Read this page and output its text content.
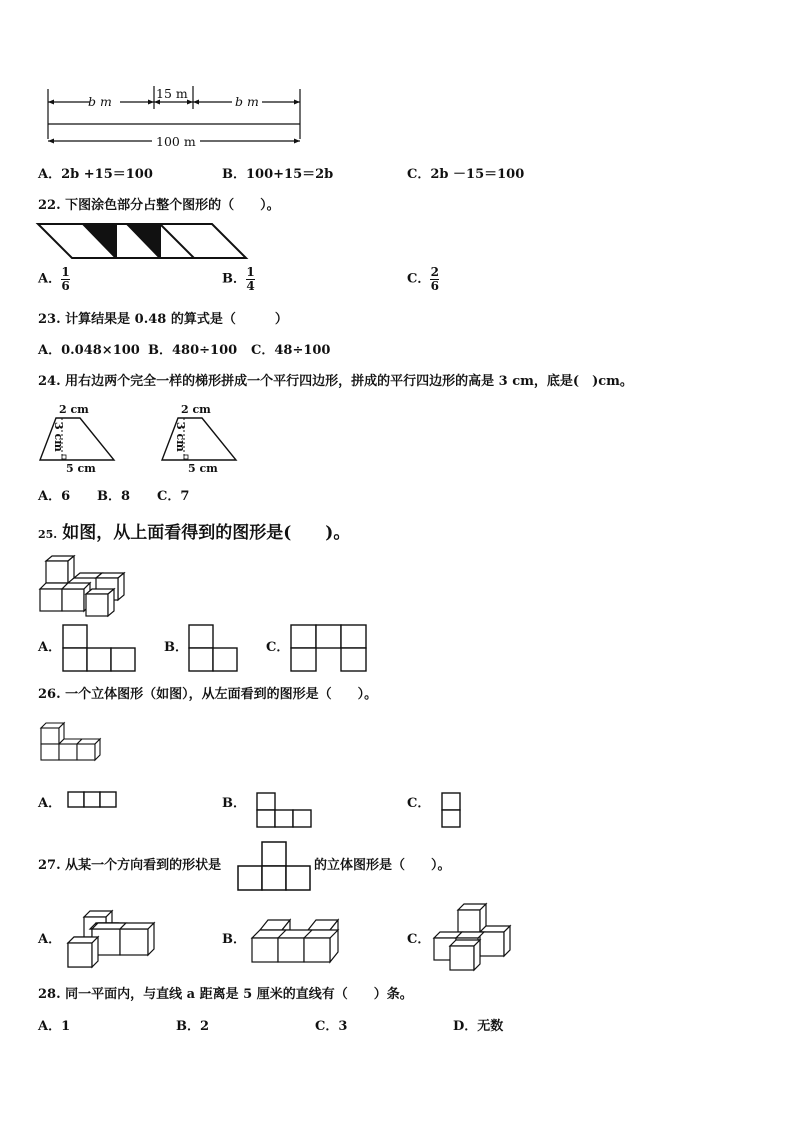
b m
15 m
b m
100 m
A．2b +15＝100	B．100+15＝2b	C．2b －15＝100
22. 下图涂色部分占整个图形的（　　）。
A． $\frac{1}{6}$	B． $\frac{1}{4}$	C． $\frac{2}{6}$
23. 计算结果是 0.48 的算式是（　　　）
A．0.048×100 B．480÷100 C．48÷100
24. 用右边两个完全一样的梯形拼成一个平行四边形，拼成的平行四边形的高是 3 cm，底是(　)cm。
2 cm
3 cm
5 cm
2 cm
3 cm
5 cm
A．6 B．8 C．7
25. 如图，从上面看得到的图形是(　　)。
A．	B．	C．
26. 一个立体图形（如图），从左面看到的图形是（　　）。
A．	B．	C．
27. 从某一个方向看到的形状是	的立体图形是（　　）。
A．	B．	C．
28. 同一平面内，与直线 a 距离是 5 厘米的直线有（　　）条。
A．1	B．2	C．3	D．无数
